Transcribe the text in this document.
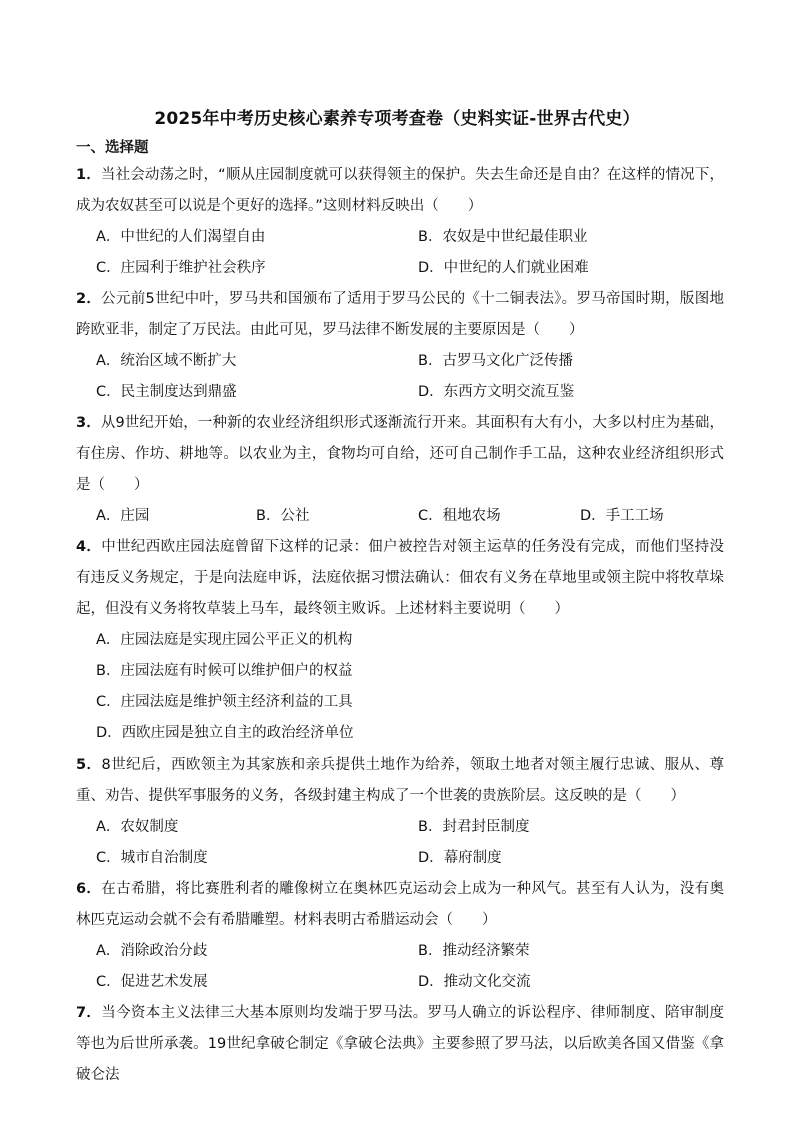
2025年中考历史核心素养专项考查卷（史料实证-世界古代史）
一、选择题

1．当社会动荡之时，“顺从庄园制度就可以获得领主的保护。失去生命还是自由？在这样的情况下，成为农奴甚至可以说是个更好的选择。”这则材料反映出（　　）

A．中世纪的人们渴望自由	B．农奴是中世纪最佳职业
C．庄园利于维护社会秩序	D．中世纪的人们就业困难

2．公元前5世纪中叶，罗马共和国颁布了适用于罗马公民的《十二铜表法》。罗马帝国时期，版图地跨欧亚非，制定了万民法。由此可见，罗马法律不断发展的主要原因是（　　）

A．统治区域不断扩大	B．古罗马文化广泛传播
C．民主制度达到鼎盛	D．东西方文明交流互鉴

3．从9世纪开始，一种新的农业经济组织形式逐渐流行开来。其面积有大有小，大多以村庄为基础，有住房、作坊、耕地等。以农业为主，食物均可自给，还可自己制作手工品，这种农业经济组织形式是（　　）

A．庄园	B．公社	C．租地农场	D．手工工场

4．中世纪西欧庄园法庭曾留下这样的记录：佃户被控告对领主运草的任务没有完成，而他们坚持没有违反义务规定，于是向法庭申诉，法庭依据习惯法确认：佃农有义务在草地里或领主院中将牧草垛起，但没有义务将牧草装上马车，最终领主败诉。上述材料主要说明（　　）

A．庄园法庭是实现庄园公平正义的机构
B．庄园法庭有时候可以维护佃户的权益
C．庄园法庭是维护领主经济利益的工具
D．西欧庄园是独立自主的政治经济单位

5．8世纪后，西欧领主为其家族和亲兵提供土地作为给养，领取土地者对领主履行忠诚、服从、尊重、劝告、提供军事服务的义务，各级封建主构成了一个世袭的贵族阶层。这反映的是（　　）

A．农奴制度	B．封君封臣制度
C．城市自治制度	D．幕府制度

6．在古希腊，将比赛胜利者的雕像树立在奥林匹克运动会上成为一种风气。甚至有人认为，没有奥林匹克运动会就不会有希腊雕塑。材料表明古希腊运动会（　　）

A．消除政治分歧	B．推动经济繁荣
C．促进艺术发展	D．推动文化交流

7．当今资本主义法律三大基本原则均发端于罗马法。罗马人确立的诉讼程序、律师制度、陪审制度等也为后世所承袭。19世纪拿破仑制定《拿破仑法典》主要参照了罗马法，以后欧美各国又借鉴《拿破仑法
